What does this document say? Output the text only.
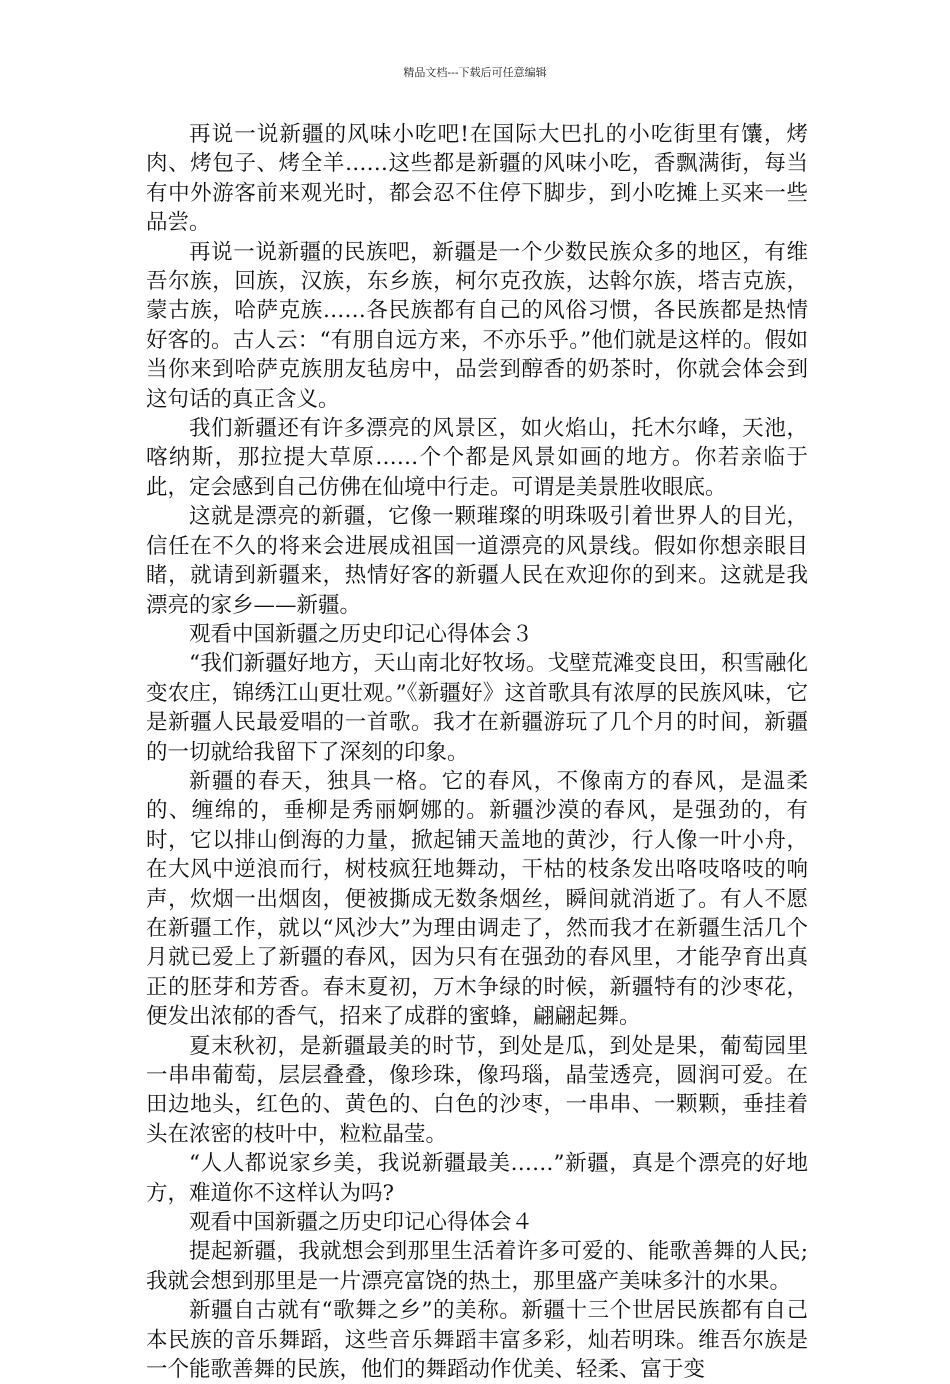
精品文档---下载后可任意编辑

再说一说新疆的风味小吃吧!在国际大巴扎的小吃街里有馕，烤肉、烤包子、烤全羊……这些都是新疆的风味小吃，香飘满街，每当有中外游客前来观光时，都会忍不住停下脚步，到小吃摊上买来一些品尝。

再说一说新疆的民族吧，新疆是一个少数民族众多的地区，有维吾尔族，回族，汉族，东乡族，柯尔克孜族，达斡尔族，塔吉克族，蒙古族，哈萨克族……各民族都有自己的风俗习惯，各民族都是热情好客的。古人云：“有朋自远方来，不亦乐乎。”他们就是这样的。假如当你来到哈萨克族朋友毡房中，品尝到醇香的奶茶时，你就会体会到这句话的真正含义。

我们新疆还有许多漂亮的风景区，如火焰山，托木尔峰，天池，喀纳斯，那拉提大草原……个个都是风景如画的地方。你若亲临于此，定会感到自己仿佛在仙境中行走。可谓是美景胜收眼底。

这就是漂亮的新疆，它像一颗璀璨的明珠吸引着世界人的目光，信任在不久的将来会进展成祖国一道漂亮的风景线。假如你想亲眼目睹，就请到新疆来，热情好客的新疆人民在欢迎你的到来。这就是我漂亮的家乡——新疆。

观看中国新疆之历史印记心得体会３

“我们新疆好地方，天山南北好牧场。戈壁荒滩变良田，积雪融化变农庄，锦绣江山更壮观。”《新疆好》这首歌具有浓厚的民族风味，它是新疆人民最爱唱的一首歌。我才在新疆游玩了几个月的时间，新疆的一切就给我留下了深刻的印象。

新疆的春天，独具一格。它的春风，不像南方的春风，是温柔的、缠绵的，垂柳是秀丽婀娜的。新疆沙漠的春风，是强劲的，有时，它以排山倒海的力量，掀起铺天盖地的黄沙，行人像一叶小舟，在大风中逆浪而行，树枝疯狂地舞动，干枯的枝条发出咯吱咯吱的响声，炊烟一出烟囱，便被撕成无数条烟丝，瞬间就消逝了。有人不愿在新疆工作，就以“风沙大”为理由调走了，然而我才在新疆生活几个月就已爱上了新疆的春风，因为只有在强劲的春风里，才能孕育出真正的胚芽和芳香。春末夏初，万木争绿的时候，新疆特有的沙枣花，便发出浓郁的香气，招来了成群的蜜蜂，翩翩起舞。

夏末秋初，是新疆最美的时节，到处是瓜，到处是果，葡萄园里一串串葡萄，层层叠叠，像珍珠，像玛瑙，晶莹透亮，圆润可爱。在田边地头，红色的、黄色的、白色的沙枣，一串串、一颗颗，垂挂着头在浓密的枝叶中，粒粒晶莹。

“人人都说家乡美，我说新疆最美……”新疆，真是个漂亮的好地方，难道你不这样认为吗?

观看中国新疆之历史印记心得体会４

提起新疆，我就想会到那里生活着许多可爱的、能歌善舞的人民;我就会想到那里是一片漂亮富饶的热土，那里盛产美味多汁的水果。

新疆自古就有“歌舞之乡”的美称。新疆十三个世居民族都有自己本民族的音乐舞蹈，这些音乐舞蹈丰富多彩，灿若明珠。维吾尔族是一个能歌善舞的民族，他们的舞蹈动作优美、轻柔、富于变
